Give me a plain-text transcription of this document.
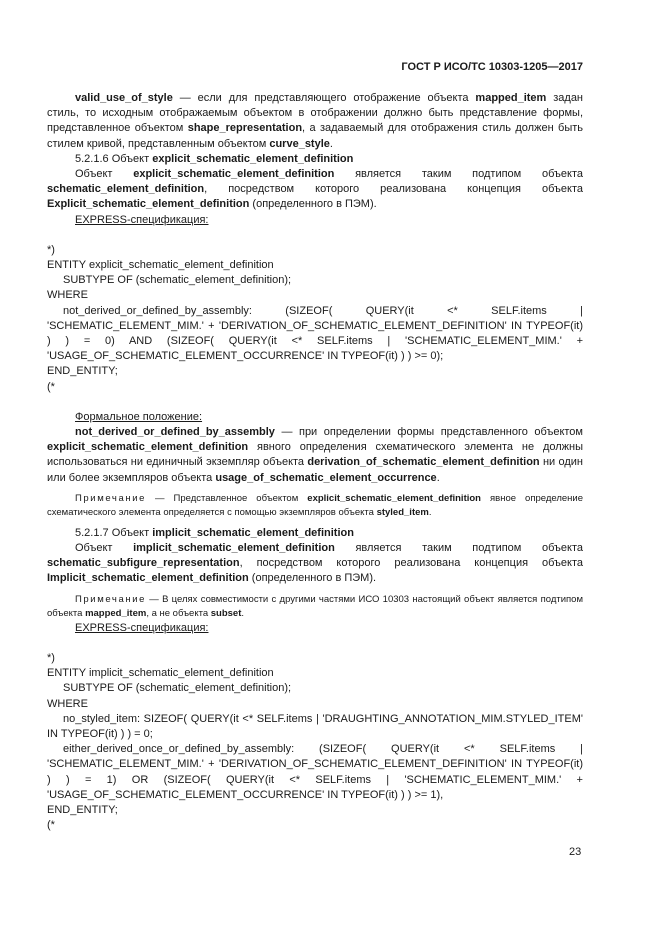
ГОСТ Р ИСО/ТС 10303-1205—2017

valid_use_of_style — если для представляющего отображение объекта mapped_item задан стиль, то исходным отображаемым объектом в отображении должно быть представление формы, представленное объектом shape_representation, а задаваемый для отображения стиль должен быть стилем кривой, представленным объектом curve_style.

5.2.1.6 Объект explicit_schematic_element_definition

Объект explicit_schematic_element_definition является таким подтипом объекта schematic_element_definition, посредством которого реализована концепция объекта Explicit_schematic_element_definition (определенного в ПЭМ).

EXPRESS-спецификация:

*)

ENTITY explicit_schematic_element_definition

SUBTYPE OF (schematic_element_definition);

WHERE

not_derived_or_defined_by_assembly: (SIZEOF( QUERY(it <* SELF.items | 'SCHEMATIC_ELEMENT_MIM.' + 'DERIVATION_OF_SCHEMATIC_ELEMENT_DEFINITION' IN TYPEOF(it) ) ) = 0) AND (SIZEOF( QUERY(it <* SELF.items | 'SCHEMATIC_ELEMENT_MIM.' + 'USAGE_OF_SCHEMATIC_ELEMENT_OCCURRENCE' IN TYPEOF(it) ) ) >= 0);

END_ENTITY;

(*

Формальное положение:

not_derived_or_defined_by_assembly — при определении формы представленного объектом explicit_schematic_element_definition явного определения схематического элемента не должны использоваться ни единичный экземпляр объекта derivation_of_schematic_element_definition ни один или более экземпляров объекта usage_of_schematic_element_occurrence.

Примечание — Представленное объектом explicit_schematic_element_definition явное определение схематического элемента определяется с помощью экземпляров объекта styled_item.

5.2.1.7 Объект implicit_schematic_element_definition

Объект implicit_schematic_element_definition является таким подтипом объекта schematic_subfigure_representation, посредством которого реализована концепция объекта Implicit_schematic_element_definition (определенного в ПЭМ).

Примечание — В целях совместимости с другими частями ИСО 10303 настоящий объект является подтипом объекта mapped_item, а не объекта subset.

EXPRESS-спецификация:

*)

ENTITY implicit_schematic_element_definition

SUBTYPE OF (schematic_element_definition);

WHERE

no_styled_item: SIZEOF( QUERY(it <* SELF.items | 'DRAUGHTING_ANNOTATION_MIM.STYLED_ITEM' IN TYPEOF(it) ) ) = 0;

either_derived_once_or_defined_by_assembly: (SIZEOF( QUERY(it <* SELF.items | 'SCHEMATIC_ELEMENT_MIM.' + 'DERIVATION_OF_SCHEMATIC_ELEMENT_DEFINITION' IN TYPEOF(it) ) ) = 1) OR (SIZEOF( QUERY(it <* SELF.items | 'SCHEMATIC_ELEMENT_MIM.' + 'USAGE_OF_SCHEMATIC_ELEMENT_OCCURRENCE' IN TYPEOF(it) ) ) >= 1),

END_ENTITY;

(*

23
